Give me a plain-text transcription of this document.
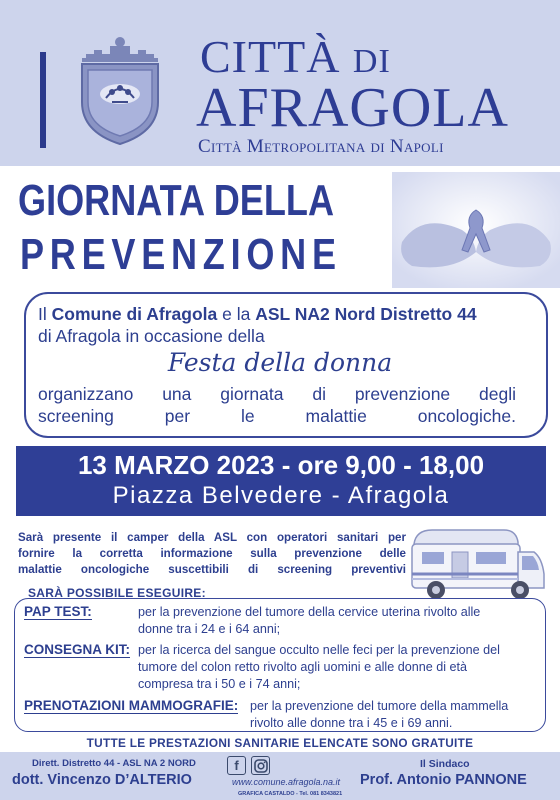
CITTÀ DI
AFRAGOLA
Città Metropolitana di Napoli
GIORNATA DELLA
PREVENZIONE
Il Comune di Afragola e la ASL NA2 Nord Distretto 44
di Afragola in occasione della
Festa della donna
organizzano una giornata di prevenzione degli
screening per le malattie oncologiche.
13 MARZO 2023 - ore 9,00 - 18,00
Piazza Belvedere - Afragola
Sarà presente il camper della ASL con operatori sanitari per
fornire la corretta informazione sulla prevenzione delle
malattie oncologiche suscettibili di screening preventivi
SARÀ POSSIBILE ESEGUIRE:
PAP TEST:	per la prevenzione del tumore della cervice uterina rivolto alle
donne tra i 24 e i 64 anni;
CONSEGNA KIT: per la ricerca del sangue occulto nelle feci per la prevenzione del
tumore del colon retto rivolto agli uomini e alle donne di età
compresa tra i 50 e i 74 anni;
PRENOTAZIONI MAMMOGRAFIE: per la prevenzione del tumore della mammella
rivolto alle donne tra i 45 e i 69 anni.
TUTTE LE PRESTAZIONI SANITARIE ELENCATE SONO GRATUITE
Dirett. Distretto 44 - ASL NA 2 NORD
dott. Vincenzo D’ALTERIO
f
www.comune.afragola.na.it
GRAFICA CASTALDO - Tel. 081 8343821
Il Sindaco
Prof. Antonio PANNONE
